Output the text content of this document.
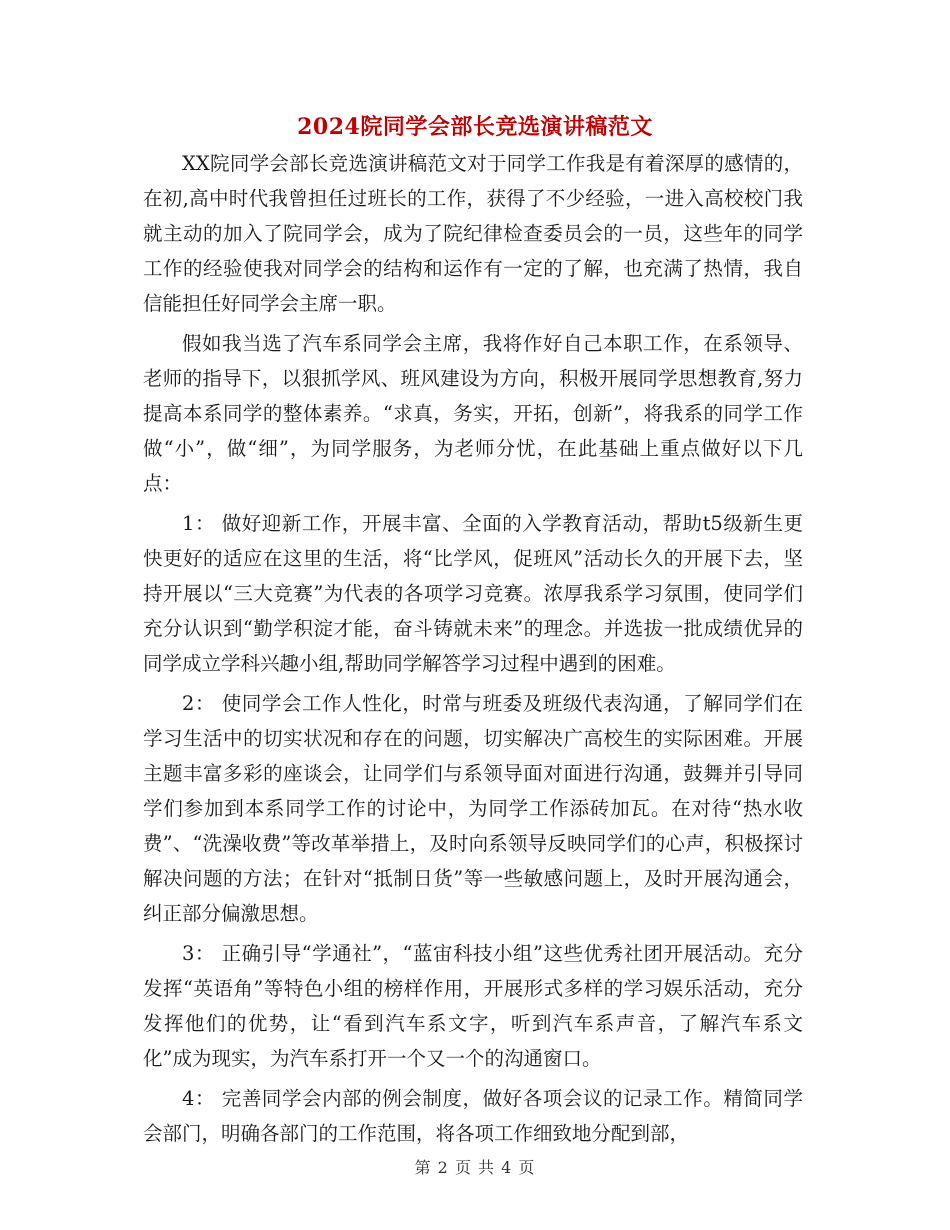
2024院同学会部长竞选演讲稿范文

XX院同学会部长竞选演讲稿范文对于同学工作我是有着深厚的感情的，在初,高中时代我曾担任过班长的工作，获得了不少经验，一进入高校校门我就主动的加入了院同学会，成为了院纪律检查委员会的一员，这些年的同学工作的经验使我对同学会的结构和运作有一定的了解，也充满了热情，我自信能担任好同学会主席一职。

假如我当选了汽车系同学会主席，我将作好自己本职工作，在系领导、老师的指导下，以狠抓学风、班风建设为方向，积极开展同学思想教育,努力提高本系同学的整体素养。“求真，务实，开拓，创新”，将我系的同学工作做“小”，做“细”，为同学服务，为老师分忧，在此基础上重点做好以下几点：

1： 做好迎新工作，开展丰富、全面的入学教育活动，帮助t5级新生更快更好的适应在这里的生活，将“比学风，促班风”活动长久的开展下去，坚持开展以“三大竞赛”为代表的各项学习竞赛。浓厚我系学习氛围，使同学们充分认识到“勤学积淀才能，奋斗铸就未来”的理念。并选拔一批成绩优异的同学成立学科兴趣小组,帮助同学解答学习过程中遇到的困难。

2： 使同学会工作人性化，时常与班委及班级代表沟通，了解同学们在学习生活中的切实状况和存在的问题，切实解决广高校生的实际困难。开展主题丰富多彩的座谈会，让同学们与系领导面对面进行沟通，鼓舞并引导同学们参加到本系同学工作的讨论中，为同学工作添砖加瓦。在对待“热水收费”、“洗澡收费”等改革举措上，及时向系领导反映同学们的心声，积极探讨解决问题的方法；在针对“抵制日货”等一些敏感问题上，及时开展沟通会，纠正部分偏激思想。

3： 正确引导“学通社”，“蓝宙科技小组”这些优秀社团开展活动。充分发挥“英语角”等特色小组的榜样作用，开展形式多样的学习娱乐活动，充分发挥他们的优势，让“看到汽车系文字，听到汽车系声音，了解汽车系文化”成为现实，为汽车系打开一个又一个的沟通窗口。

4： 完善同学会内部的例会制度，做好各项会议的记录工作。精简同学会部门，明确各部门的工作范围，将各项工作细致地分配到部，

第 2 页 共 4 页
